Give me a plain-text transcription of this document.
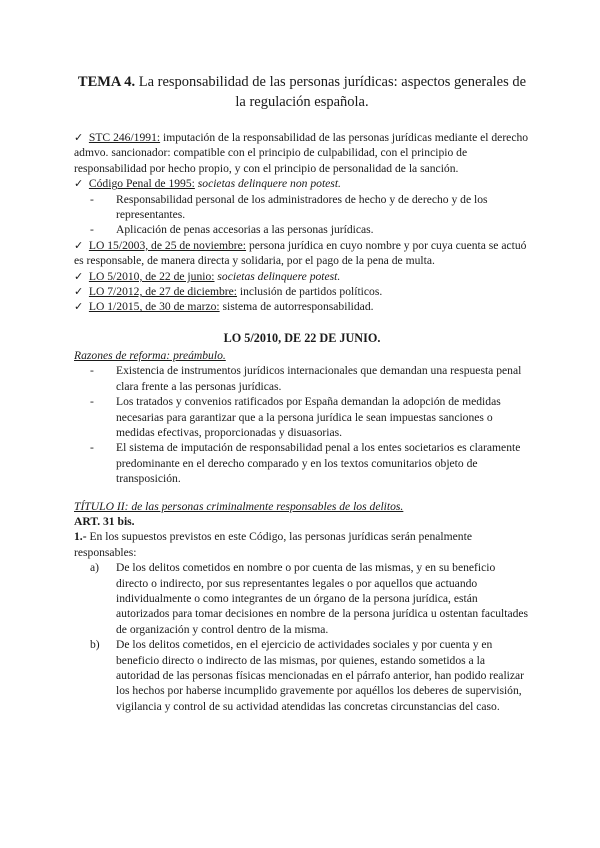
TEMA 4. La responsabilidad de las personas jurídicas: aspectos generales de la regulación española.

✓ STC 246/1991: imputación de la responsabilidad de las personas jurídicas mediante el derecho admvo. sancionador: compatible con el principio de culpabilidad, con el principio de responsabilidad por hecho propio, y con el principio de personalidad de la sanción.

✓ Código Penal de 1995: societas delinquere non potest.

- Responsabilidad personal de los administradores de hecho y de derecho y de los representantes.
- Aplicación de penas accesorias a las personas jurídicas.

✓ LO 15/2003, de 25 de noviembre: persona jurídica en cuyo nombre y por cuya cuenta se actuó es responsable, de manera directa y solidaria, por el pago de la pena de multa.

✓ LO 5/2010, de 22 de junio: societas delinquere potest.

✓ LO 7/2012, de 27 de diciembre: inclusión de partidos políticos.

✓ LO 1/2015, de 30 de marzo: sistema de autorresponsabilidad.

LO 5/2010, DE 22 DE JUNIO.

Razones de reforma: preámbulo.

- Existencia de instrumentos jurídicos internacionales que demandan una respuesta penal clara frente a las personas jurídicas.
- Los tratados y convenios ratificados por España demandan la adopción de medidas necesarias para garantizar que a la persona jurídica le sean impuestas sanciones o medidas efectivas, proporcionadas y disuasorias.
- El sistema de imputación de responsabilidad penal a los entes societarios es claramente predominante en el derecho comparado y en los textos comunitarios objeto de transposición.

TÍTULO II: de las personas criminalmente responsables de los delitos.

ART. 31 bis.

1.- En los supuestos previstos en este Código, las personas jurídicas serán penalmente responsables:

a) De los delitos cometidos en nombre o por cuenta de las mismas, y en su beneficio directo o indirecto, por sus representantes legales o por aquellos que actuando individualmente o como integrantes de un órgano de la persona jurídica, están autorizados para tomar decisiones en nombre de la persona jurídica u ostentan facultades de organización y control dentro de la misma.
b) De los delitos cometidos, en el ejercicio de actividades sociales y por cuenta y en beneficio directo o indirecto de las mismas, por quienes, estando sometidos a la autoridad de las personas físicas mencionadas en el párrafo anterior, han podido realizar los hechos por haberse incumplido gravemente por aquéllos los deberes de supervisión, vigilancia y control de su actividad atendidas las concretas circunstancias del caso.
